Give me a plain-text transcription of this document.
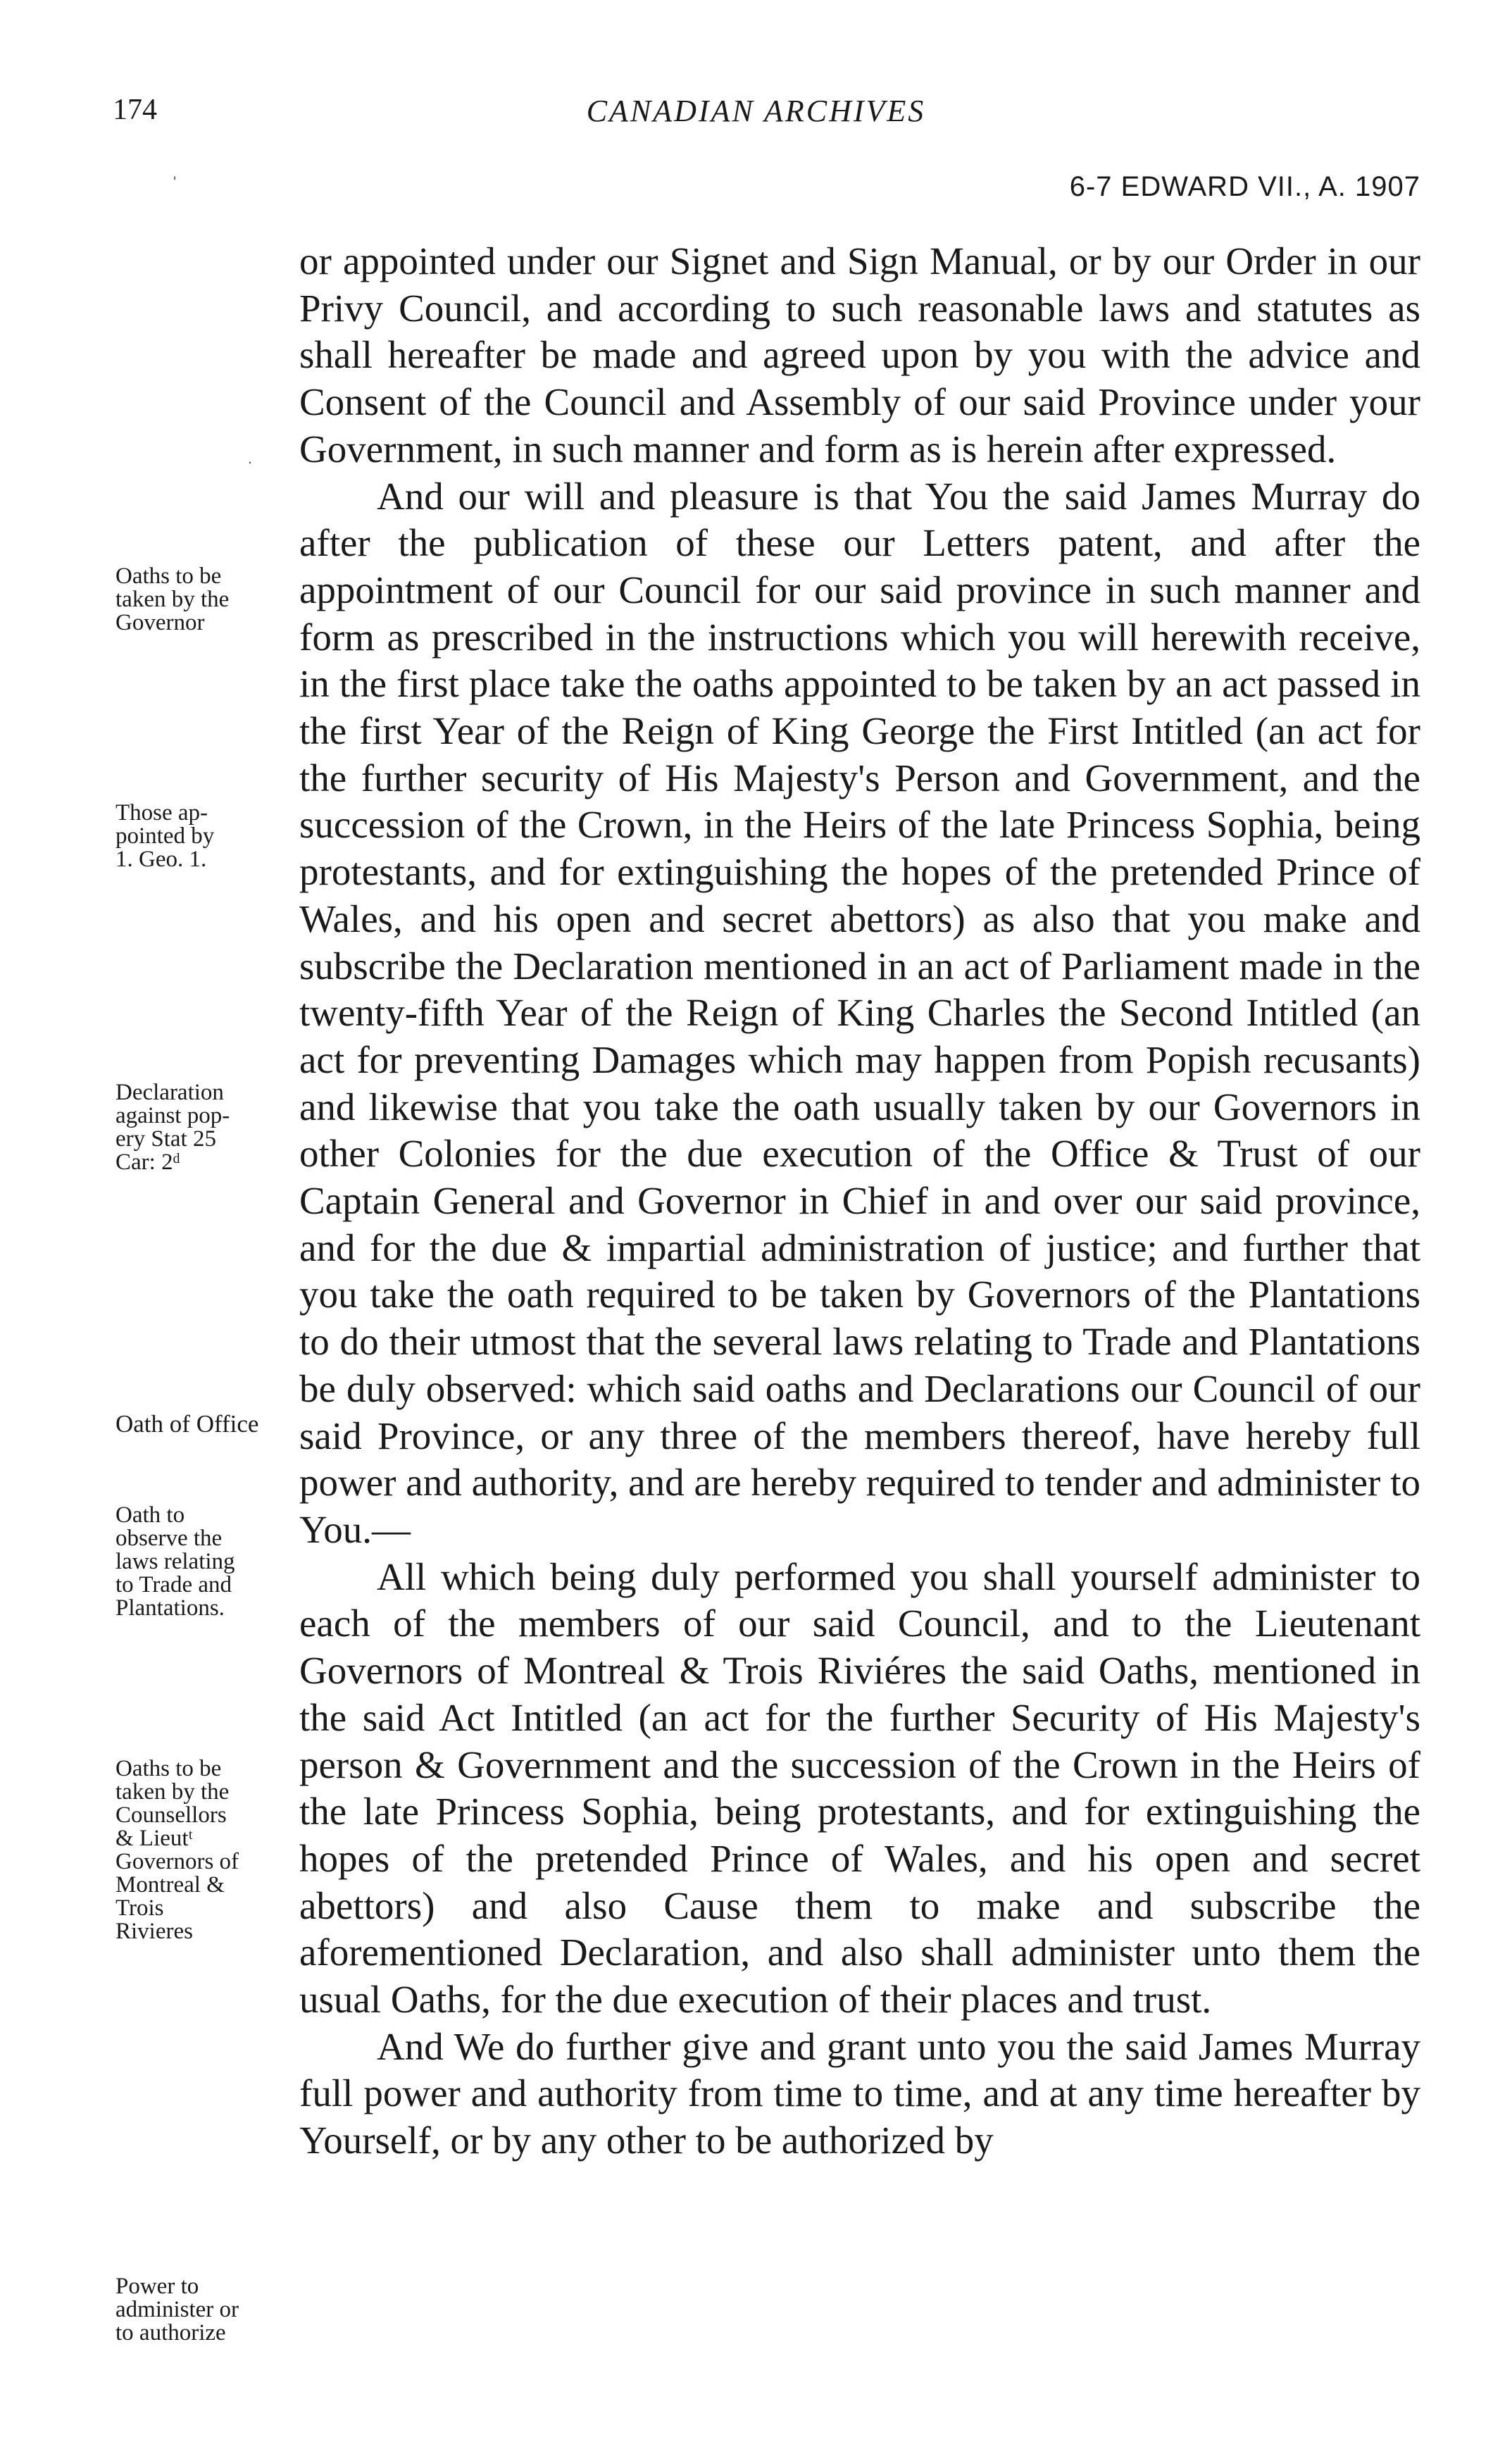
174	CANADIAN ARCHIVES
6-7 EDWARD VII., A. 1907
'
.
Oaths to be
taken by the
Governor
Those ap-
pointed by
1. Geo. 1.
Declaration
against pop-
ery Stat 25
Car: 2ᵈ
Oath of Office
Oath to
observe the
laws relating
to Trade and
Plantations.
Oaths to be
taken by the
Counsellors
& Lieutᵗ
Governors of
Montreal &
Trois
Rivieres
Power to
administer or
to authorize

or appointed under our Signet and Sign Manual, or by our Order in our Privy Council, and according to such reasonable laws and statutes as shall hereafter be made and agreed upon by you with the advice and Consent of the Council and Assembly of our said Province under your Government, in such manner and form as is herein after expressed.

And our will and pleasure is that You the said James Murray do after the publication of these our Letters patent, and after the appointment of our Council for our said province in such manner and form as prescribed in the instructions which you will herewith receive, in the first place take the oaths appointed to be taken by an act passed in the first Year of the Reign of King George the First Intitled (an act for the further security of His Majesty's Person and Government, and the succession of the Crown, in the Heirs of the late Princess Sophia, being protestants, and for extinguishing the hopes of the pretended Prince of Wales, and his open and secret abettors) as also that you make and subscribe the Declaration mentioned in an act of Parliament made in the twenty-fifth Year of the Reign of King Charles the Second Intitled (an act for preventing Damages which may happen from Popish recusants) and likewise that you take the oath usually taken by our Governors in other Colonies for the due execution of the Office & Trust of our Captain General and Governor in Chief in and over our said province, and for the due & impartial administration of justice; and further that you take the oath required to be taken by Governors of the Plantations to do their utmost that the several laws relating to Trade and Plantations be duly observed: which said oaths and Declarations our Council of our said Province, or any three of the members thereof, have hereby full power and authority, and are hereby required to tender and administer to You.—

All which being duly performed you shall yourself administer to each of the members of our said Council, and to the Lieutenant Governors of Montreal & Trois Riviéres the said Oaths, mentioned in the said Act Intitled (an act for the further Security of His Majesty's person & Government and the succession of the Crown in the Heirs of the late Princess Sophia, being protestants, and for extinguishing the hopes of the pretended Prince of Wales, and his open and secret abettors) and also Cause them to make and subscribe the aforementioned Declaration, and also shall administer unto them the usual Oaths, for the due execution of their places and trust.

And We do further give and grant unto you the said James Murray full power and authority from time to time, and at any time hereafter by Yourself, or by any other to be authorized by
